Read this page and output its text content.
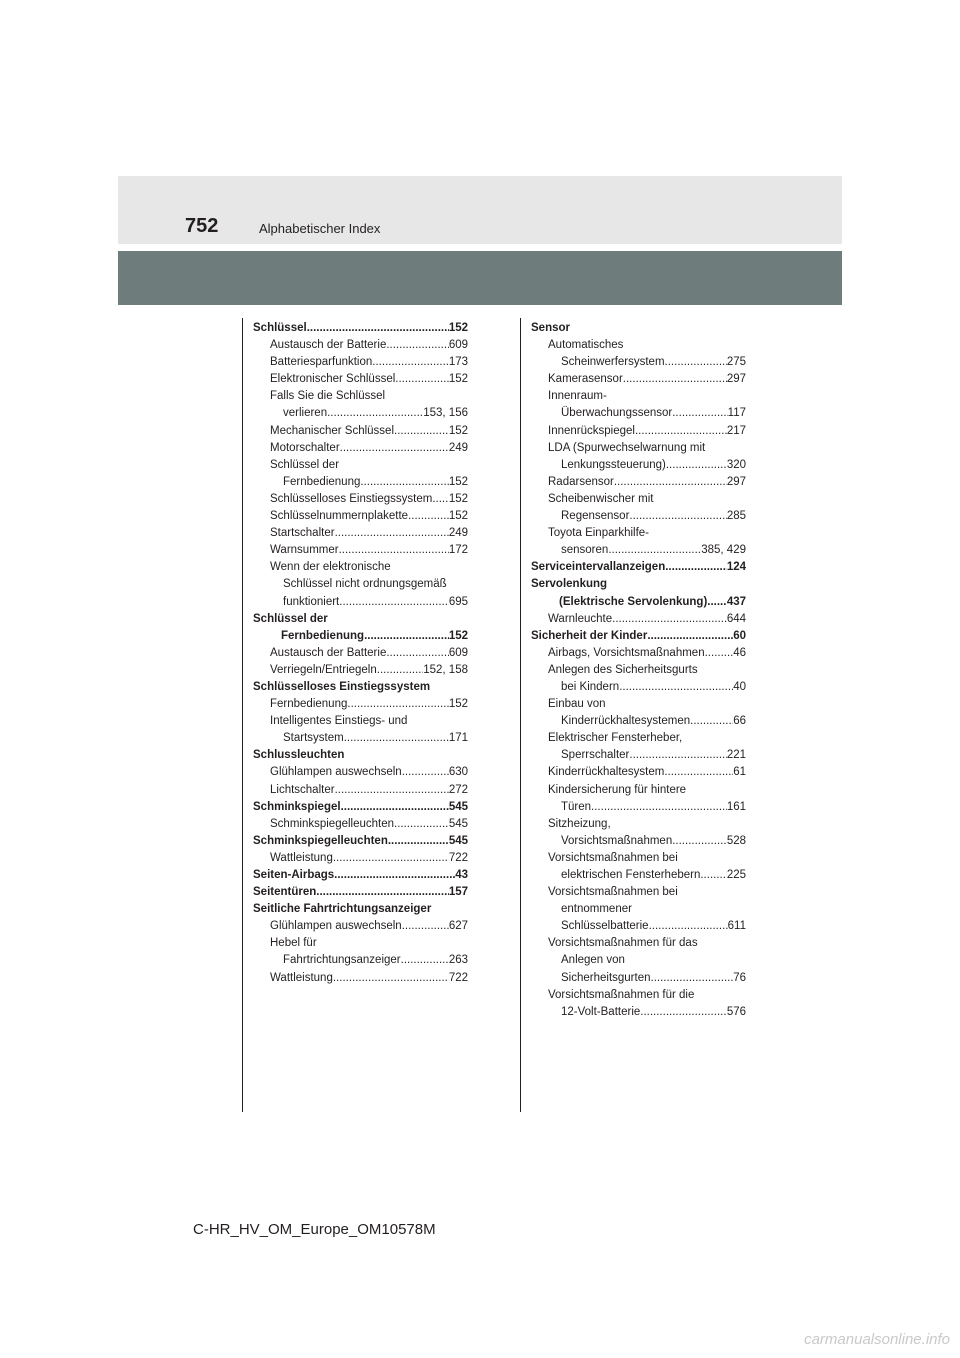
752	Alphabetischer Index
Schlüssel .....	152
Austausch der Batterie .....	609
Batteriesparfunktion .....	173
Elektronischer Schlüssel .....	152
Falls Sie die Schlüssel
verlieren .....	153, 156
Mechanischer Schlüssel .....	152
Motorschalter .....	249
Schlüssel der
Fernbedienung .....	152
Schlüsselloses Einstiegssystem ..... 152
Schlüsselnummernplakette .....	152
Startschalter .....	249
Warnsummer .....	172
Wenn der elektronische
Schlüssel nicht ordnungsgemäß
funktioniert .....	695
Schlüssel der
Fernbedienung .....	152
Austausch der Batterie .....	609
Verriegeln/Entriegeln .....	152, 158
Schlüsselloses Einstiegssystem
Fernbedienung .....	152
Intelligentes Einstiegs- und
Startsystem .....	171
Schlussleuchten
Glühlampen auswechseln .....	630
Lichtschalter .....	272
Schminkspiegel .....	545
Schminkspiegelleuchten .....	545
Schminkspiegelleuchten .....	545
Wattleistung .....	722
Seiten-Airbags .....	43
Seitentüren .....	157
Seitliche Fahrtrichtungsanzeiger
Glühlampen auswechseln .....	627
Hebel für
Fahrtrichtungsanzeiger .....	263
Wattleistung .....	722
Sensor
Automatisches
Scheinwerfersystem .....	275
Kamerasensor .....	297
Innenraum-
Überwachungssensor .....	117
Innenrückspiegel .....	217
LDA (Spurwechselwarnung mit
Lenkungssteuerung) .....	320
Radarsensor .....	297
Scheibenwischer mit
Regensensor .....	285
Toyota Einparkhilfe-
sensoren .....	385, 429
Serviceintervallanzeigen .....	124
Servolenkung
(Elektrische Servolenkung) ..... 437
Warnleuchte .....	644
Sicherheit der Kinder .....	60
Airbags, Vorsichtsmaßnahmen ..... 46
Anlegen des Sicherheitsgurts
bei Kindern .....	40
Einbau von
Kinderrückhaltesystemen .....	66
Elektrischer Fensterheber,
Sperrschalter .....	221
Kinderrückhaltesystem .....	61
Kindersicherung für hintere
Türen .....	161
Sitzheizung,
Vorsichtsmaßnahmen .....	528
Vorsichtsmaßnahmen bei
elektrischen Fensterhebern ..... 225
Vorsichtsmaßnahmen bei
entnommener
Schlüsselbatterie .....	611
Vorsichtsmaßnahmen für das
Anlegen von
Sicherheitsgurten .....	76
Vorsichtsmaßnahmen für die
12-Volt-Batterie .....	576
C-HR_HV_OM_Europe_OM10578M
carmanualsonline.info
